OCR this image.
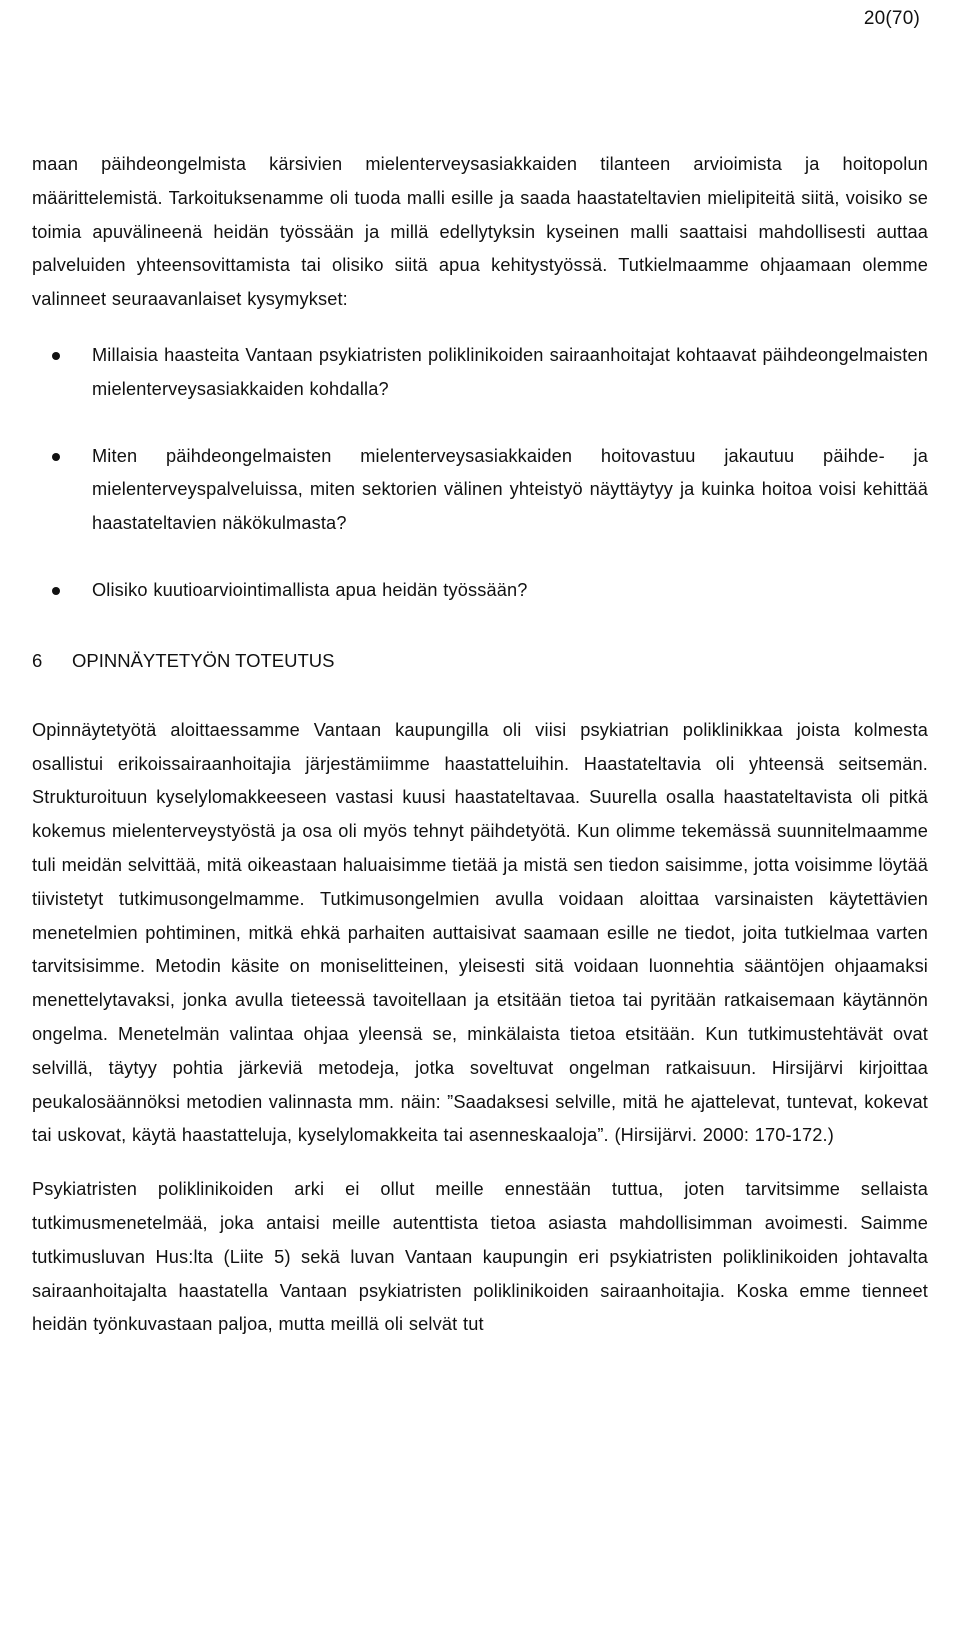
20(70)

maan päihdeongelmista kärsivien mielenterveysasiakkaiden tilanteen arvioimista ja hoitopolun määrittelemistä. Tarkoituksenamme oli tuoda malli esille ja saada haastateltavien mielipiteitä siitä, voisiko se toimia apuvälineenä heidän työssään ja millä edellytyksin kyseinen malli saattaisi mahdollisesti auttaa palveluiden yhteensovittamista tai olisiko siitä apua kehitystyössä. Tutkielmaamme ohjaamaan olemme valinneet seuraavanlaiset kysymykset:

Millaisia haasteita Vantaan psykiatristen poliklinikoiden sairaanhoitajat kohtaavat päihdeongelmaisten mielenterveysasiakkaiden kohdalla?
Miten päihdeongelmaisten mielenterveysasiakkaiden hoitovastuu jakautuu päihde- ja mielenterveyspalveluissa, miten sektorien välinen yhteistyö näyttäytyy ja kuinka hoitoa voisi kehittää haastateltavien näkökulmasta?
Olisiko kuutioarviointimallista apua heidän työssään?
6	OPINNÄYTETYÖN TOTEUTUS

Opinnäytetyötä aloittaessamme Vantaan kaupungilla oli viisi psykiatrian poliklinikkaa joista kolmesta osallistui erikoissairaanhoitajia järjestämiimme haastatteluihin. Haastateltavia oli yhteensä seitsemän. Strukturoituun kyselylomakkeeseen vastasi kuusi haastateltavaa. Suurella osalla haastateltavista oli pitkä kokemus mielenterveystyöstä ja osa oli myös tehnyt päihdetyötä. Kun olimme tekemässä suunnitelmaamme tuli meidän selvittää, mitä oikeastaan haluaisimme tietää ja mistä sen tiedon saisimme, jotta voisimme löytää tiivistetyt tutkimusongelmamme. Tutkimusongelmien avulla voidaan aloittaa varsinaisten käytettävien menetelmien pohtiminen, mitkä ehkä parhaiten auttaisivat saamaan esille ne tiedot, joita tutkielmaa varten tarvitsisimme. Metodin käsite on moniselitteinen, yleisesti sitä voidaan luonnehtia sääntöjen ohjaamaksi menettelytavaksi, jonka avulla tieteessä tavoitellaan ja etsitään tietoa tai pyritään ratkaisemaan käytännön ongelma. Menetelmän valintaa ohjaa yleensä se, minkälaista tietoa etsitään. Kun tutkimustehtävät ovat selvillä, täytyy pohtia järkeviä metodeja, jotka soveltuvat ongelman ratkaisuun. Hirsijärvi kirjoittaa peukalosäännöksi metodien valinnasta mm. näin: ”Saadaksesi selville, mitä he ajattelevat, tuntevat, kokevat tai uskovat, käytä haastatteluja, kyselylomakkeita tai asenneskaaloja”. (Hirsijärvi. 2000: 170-172.)

Psykiatristen poliklinikoiden arki ei ollut meille ennestään tuttua, joten tarvitsimme sellaista tutkimusmenetelmää, joka antaisi meille autenttista tietoa asiasta mahdollisimman avoimesti. Saimme tutkimusluvan Hus:lta (Liite 5) sekä luvan Vantaan kaupungin eri psykiatristen poliklinikoiden johtavalta sairaanhoitajalta haastatella Vantaan psykiatristen poliklinikoiden sairaanhoitajia. Koska emme tienneet heidän työnkuvastaan paljoa, mutta meillä oli selvät tut
